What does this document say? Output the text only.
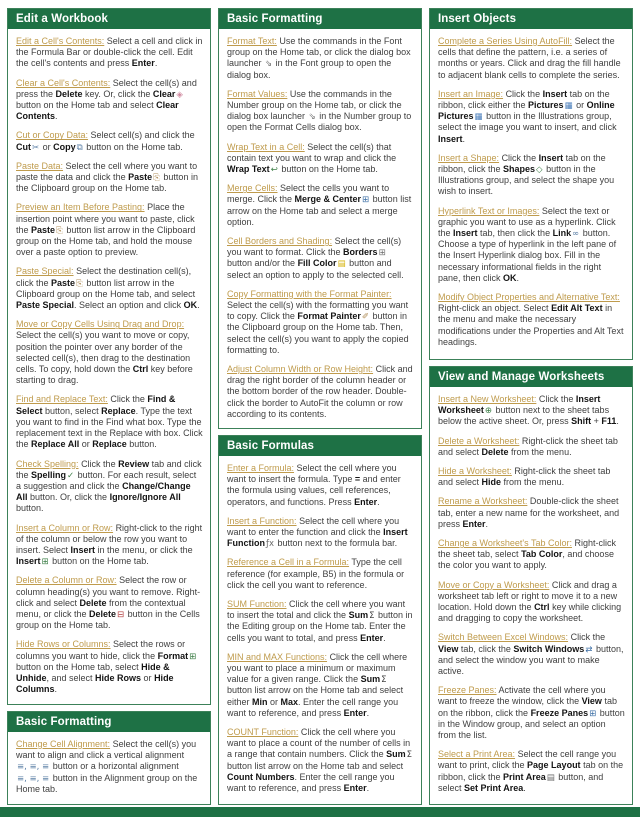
Edit a Workbook

Edit a Cell's Contents: Select a cell and click in the Formula Bar or double-click the cell. Edit the cell's contents and press Enter.

Clear a Cell's Contents: Select the cell(s) and press the Delete key. Or, click the Clear◈ button on the Home tab and select Clear Contents.

Cut or Copy Data: Select cell(s) and click the Cut✂ or Copy⧉ button on the Home tab.

Paste Data: Select the cell where you want to paste the data and click the Paste⎘ button in the Clipboard group on the Home tab.

Preview an Item Before Pasting: Place the insertion point where you want to paste, click the Paste⎘ button list arrow in the Clipboard group on the Home tab, and hold the mouse over a paste option to preview.

Paste Special: Select the destination cell(s), click the Paste⎘ button list arrow in the Clipboard group on the Home tab, and select Paste Special. Select an option and click OK.

Move or Copy Cells Using Drag and Drop: Select the cell(s) you want to move or copy, position the pointer over any border of the selected cell(s), then drag to the destination cells. To copy, hold down the Ctrl key before starting to drag.

Find and Replace Text: Click the Find & Select button, select Replace. Type the text you want to find in the Find what box. Type the replacement text in the Replace with box. Click the Replace All or Replace button.

Check Spelling: Click the Review tab and click the Spelling✓ button. For each result, select a suggestion and click the Change/Change All button. Or, click the Ignore/Ignore All button.

Insert a Column or Row: Right-click to the right of the column or below the row you want to insert. Select Insert in the menu, or click the Insert⊞ button on the Home tab.

Delete a Column or Row: Select the row or column heading(s) you want to remove. Right-click and select Delete from the contextual menu, or click the Delete⊟ button in the Cells group on the Home tab.

Hide Rows or Columns: Select the rows or columns you want to hide, click the Format⊞ button on the Home tab, select Hide & Unhide, and select Hide Rows or Hide Columns.

Basic Formatting

Change Cell Alignment: Select the cell(s) you want to align and click a vertical alignment ≡, ≡, ≡ button or a horizontal alignment ≡, ≡, ≡ button in the Alignment group on the Home tab.

Basic Formatting

Format Text: Use the commands in the Font group on the Home tab, or click the dialog box launcher ⇘ in the Font group to open the dialog box.

Format Values: Use the commands in the Number group on the Home tab, or click the dialog box launcher ⇘ in the Number group to open the Format Cells dialog box.

Wrap Text in a Cell: Select the cell(s) that contain text you want to wrap and click the Wrap Text↩ button on the Home tab.

Merge Cells: Select the cells you want to merge. Click the Merge & Center⊞ button list arrow on the Home tab and select a merge option.

Cell Borders and Shading: Select the cell(s) you want to format. Click the Borders⊞ button and/or the Fill Color▤ button and select an option to apply to the selected cell.

Copy Formatting with the Format Painter: Select the cell(s) with the formatting you want to copy. Click the Format Painter✐ button in the Clipboard group on the Home tab. Then, select the cell(s) you want to apply the copied formatting to.

Adjust Column Width or Row Height: Click and drag the right border of the column header or the bottom border of the row header. Double-click the border to AutoFit the column or row according to its contents.

Basic Formulas

Enter a Formula: Select the cell where you want to insert the formula. Type = and enter the formula using values, cell references, operators, and functions. Press Enter.

Insert a Function: Select the cell where you want to enter the function and click the Insert Functionƒx button next to the formula bar.

Reference a Cell in a Formula: Type the cell reference (for example, B5) in the formula or click the cell you want to reference.

SUM Function: Click the cell where you want to insert the total and click the SumΣ button in the Editing group on the Home tab. Enter the cells you want to total, and press Enter.

MIN and MAX Functions: Click the cell where you want to place a minimum or maximum value for a given range. Click the SumΣ button list arrow on the Home tab and select either Min or Max. Enter the cell range you want to reference, and press Enter.

COUNT Function: Click the cell where you want to place a count of the number of cells in a range that contain numbers. Click the SumΣ button list arrow on the Home tab and select Count Numbers. Enter the cell range you want to reference, and press Enter.

Insert Objects

Complete a Series Using AutoFill: Select the cells that define the pattern, i.e. a series of months or years. Click and drag the fill handle to adjacent blank cells to complete the series.

Insert an Image: Click the Insert tab on the ribbon, click either the Pictures▦ or Online Pictures▦ button in the Illustrations group, select the image you want to insert, and click Insert.

Insert a Shape: Click the Insert tab on the ribbon, click the Shapes◇ button in the Illustrations group, and select the shape you wish to insert.

Hyperlink Text or Images: Select the text or graphic you want to use as a hyperlink. Click the Insert tab, then click the Link∞ button. Choose a type of hyperlink in the left pane of the Insert Hyperlink dialog box. Fill in the necessary informational fields in the right pane, then click OK.

Modify Object Properties and Alternative Text: Right-click an object. Select Edit Alt Text in the menu and make the necessary modifications under the Properties and Alt Text headings.

View and Manage Worksheets

Insert a New Worksheet: Click the Insert Worksheet⊕ button next to the sheet tabs below the active sheet. Or, press Shift + F11.

Delete a Worksheet: Right-click the sheet tab and select Delete from the menu.

Hide a Worksheet: Right-click the sheet tab and select Hide from the menu.

Rename a Worksheet: Double-click the sheet tab, enter a new name for the worksheet, and press Enter.

Change a Worksheet's Tab Color: Right-click the sheet tab, select Tab Color, and choose the color you want to apply.

Move or Copy a Worksheet: Click and drag a worksheet tab left or right to move it to a new location. Hold down the Ctrl key while clicking and dragging to copy the worksheet.

Switch Between Excel Windows: Click the View tab, click the Switch Windows⇄ button, and select the window you want to make active.

Freeze Panes: Activate the cell where you want to freeze the window, click the View tab on the ribbon, click the Freeze Panes⊞ button in the Window group, and select an option from the list.

Select a Print Area: Select the cell range you want to print, click the Page Layout tab on the ribbon, click the Print Area▤ button, and select Set Print Area.
